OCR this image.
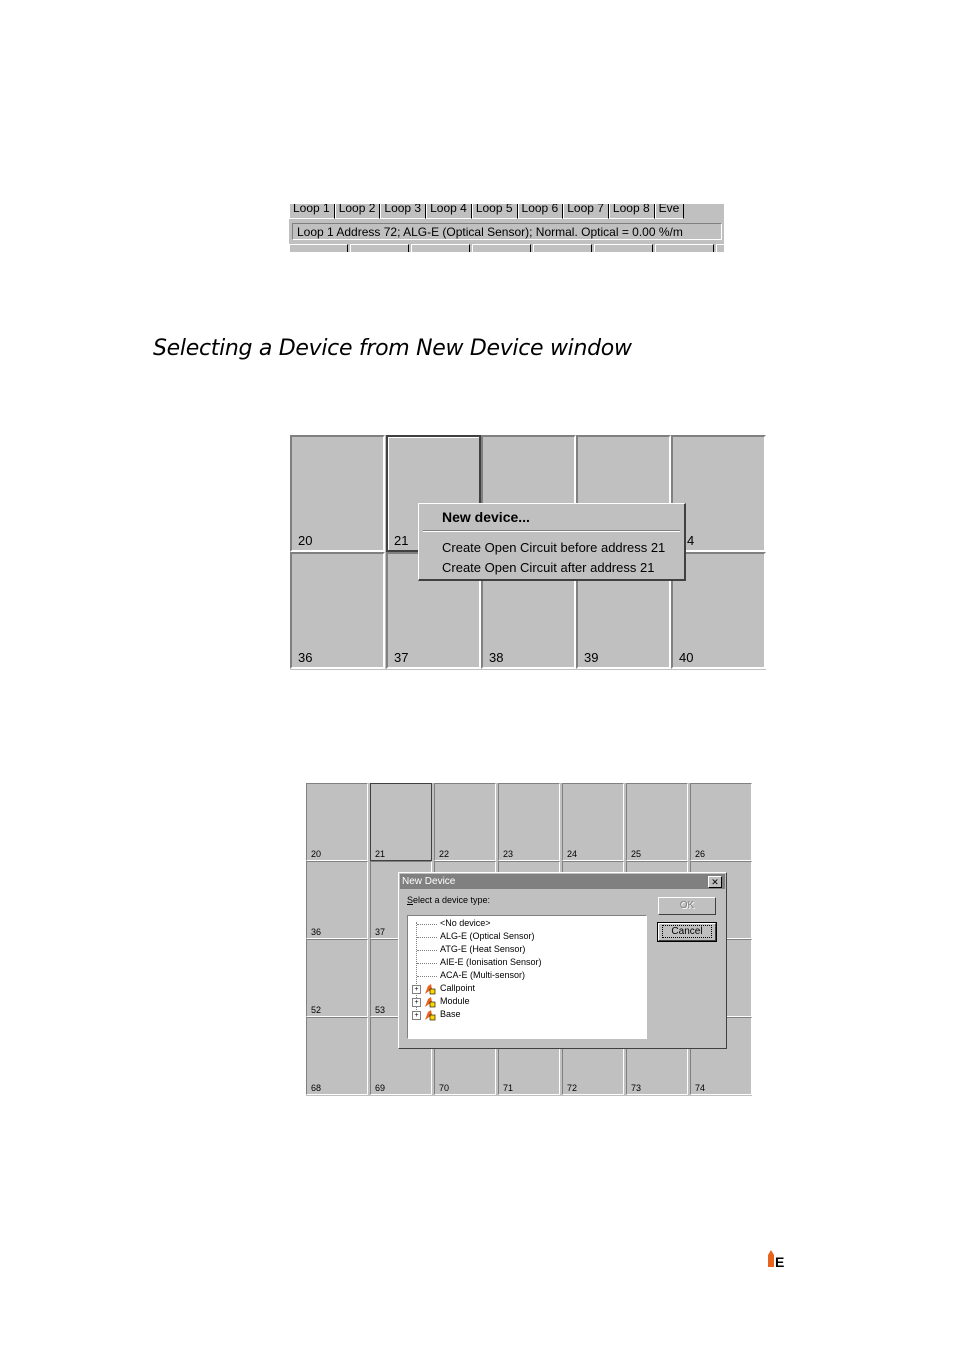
Loop 1 Loop 2 Loop 3 Loop 4 Loop 5 Loop 6 Loop 7 Loop 8 Eve
Loop 1 Address 72; ALG-E (Optical Sensor); Normal. Optical = 0.00 %/m
Selecting a Device from New Device window
20	21	4
36	37	38	39	40
New device...
Create Open Circuit before address 21
Create Open Circuit after address 21
20	21	22	23	24	25	26
36	37
52	53
68	69	70	71	72	73	74
New Device	✕
Select a device type:
<No device>
ALG-E (Optical Sensor)
ATG-E (Heat Sensor)
AIE-E (Ionisation Sensor)
ACA-E (Multi-sensor)
+ Callpoint
+ Module
+ Base
OK
Cancel
E
